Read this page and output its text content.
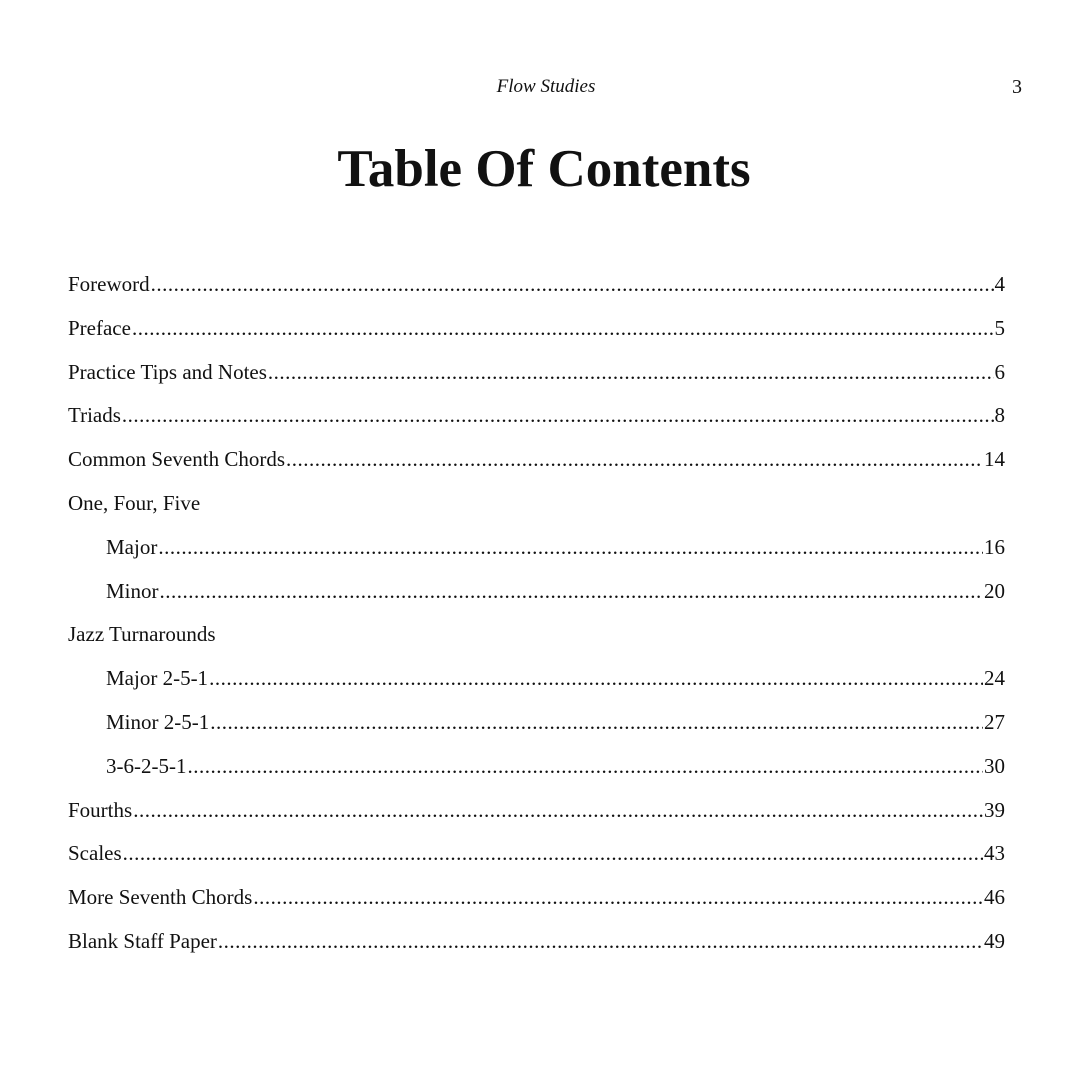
Flow Studies	3
Table Of Contents
Foreword .....	4
Preface .....	5
Practice Tips and Notes .....	6
Triads .....	8
Common Seventh Chords .....	14
One, Four, Five
Major .....	16
Minor .....	20
Jazz Turnarounds
Major 2-5-1 .....	24
Minor 2-5-1 .....	27
3-6-2-5-1 .....	30
Fourths .....	39
Scales .....	43
More Seventh Chords .....	46
Blank Staff Paper .....	49
